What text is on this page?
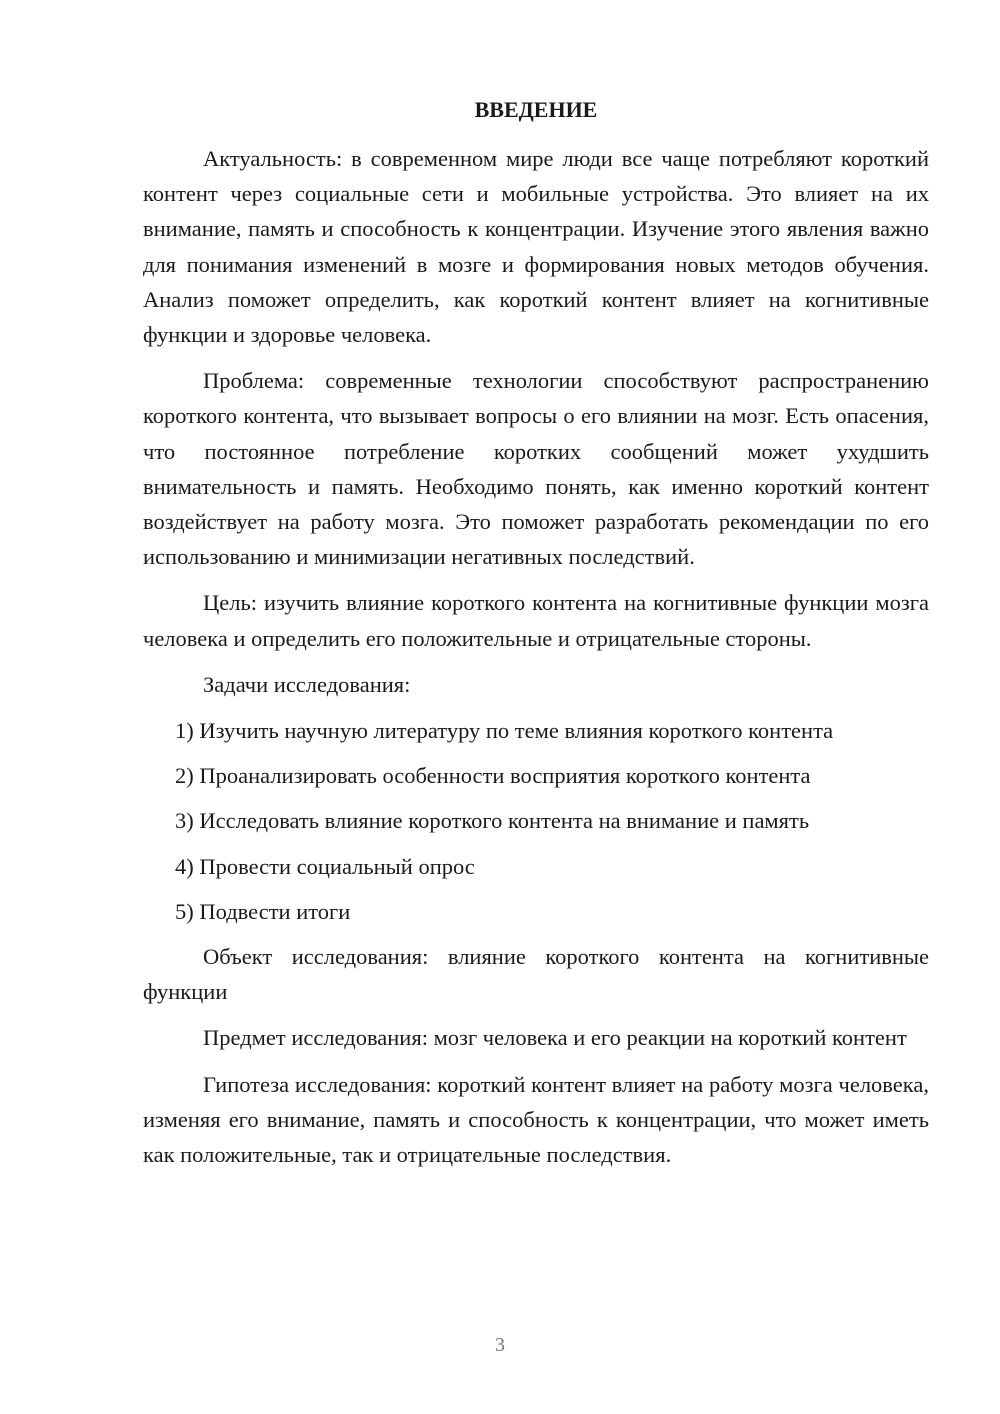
ВВЕДЕНИЕ

Актуальность: в современном мире люди все чаще потребляют короткий контент через социальные сети и мобильные устройства. Это влияет на их внимание, память и способность к концентрации. Изучение этого явления важно для понимания изменений в мозге и формирования новых методов обучения. Анализ поможет определить, как короткий контент влияет на когнитивные функции и здоровье человека.

Проблема: современные технологии способствуют распространению короткого контента, что вызывает вопросы о его влиянии на мозг. Есть опасения, что постоянное потребление коротких сообщений может ухудшить внимательность и память. Необходимо понять, как именно короткий контент воздействует на работу мозга. Это поможет разработать рекомендации по его использованию и минимизации негативных последствий.

Цель: изучить влияние короткого контента на когнитивные функции мозга человека и определить его положительные и отрицательные стороны.

Задачи исследования:

1) Изучить научную литературу по теме влияния короткого контента
2) Проанализировать особенности восприятия короткого контента
3) Исследовать влияние короткого контента на внимание и память
4) Провести социальный опрос
5) Подвести итоги

Объект исследования: влияние короткого контента на когнитивные функции

Предмет исследования: мозг человека и его реакции на короткий контент

Гипотеза исследования: короткий контент влияет на работу мозга человека, изменяя его внимание, память и способность к концентрации, что может иметь как положительные, так и отрицательные последствия.

3
